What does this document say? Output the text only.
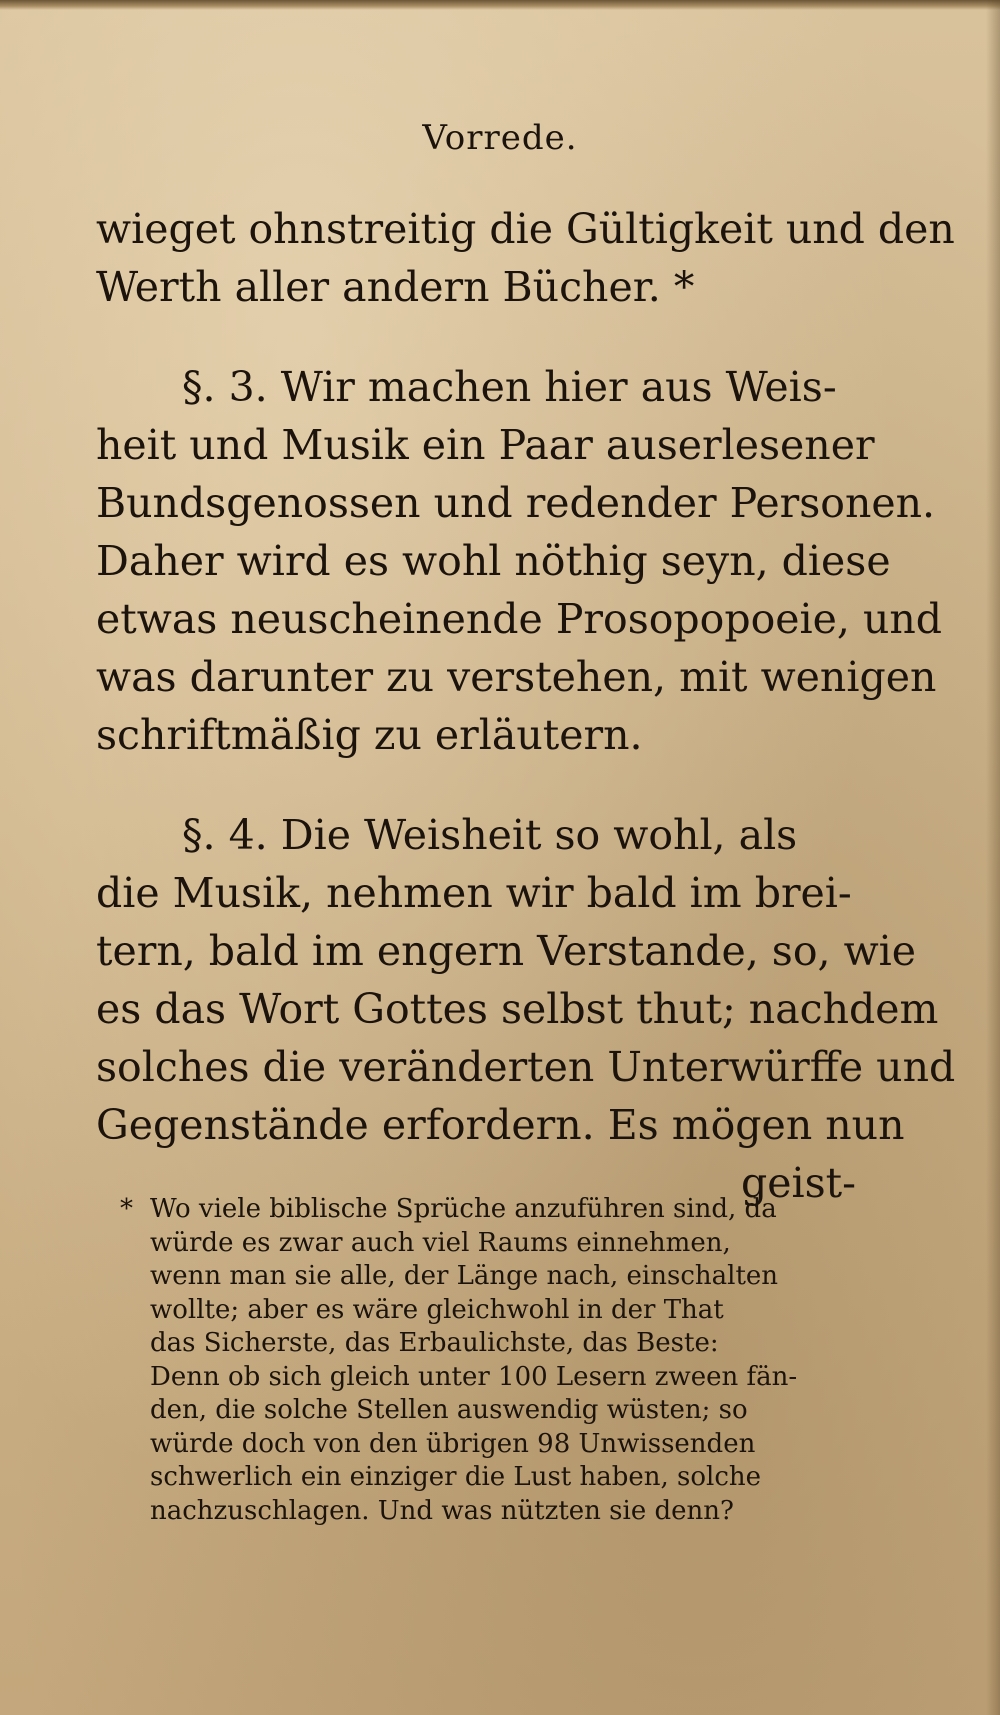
Vorrede.
wieget ohnstreitig die Gültigkeit und den
Werth aller andern Bücher. *
§. 3. Wir machen hier aus Weis-
heit und Musik ein Paar auserlesener
Bundsgenossen und redender Personen.
Daher wird es wohl nöthig seyn, diese
etwas neuscheinende Prosopopoeie, und
was darunter zu verstehen, mit wenigen
schriftmäßig zu erläutern.
§. 4. Die Weisheit so wohl, als
die Musik, nehmen wir bald im brei-
tern, bald im engern Verstande, so, wie
es das Wort Gottes selbst thut; nachdem
solches die veränderten Unterwürffe und
Gegenstände erfordern. Es mögen nun
geist-
* Wo viele biblische Sprüche anzuführen sind, da
würde es zwar auch viel Raums einnehmen,
wenn man sie alle, der Länge nach, einschalten
wollte; aber es wäre gleichwohl in der That
das Sicherste, das Erbaulichste, das Beste:
Denn ob sich gleich unter 100 Lesern zween fän-
den, die solche Stellen auswendig wüsten; so
würde doch von den übrigen 98 Unwissenden
schwerlich ein einziger die Lust haben, solche
nachzuschlagen. Und was nützten sie denn?
